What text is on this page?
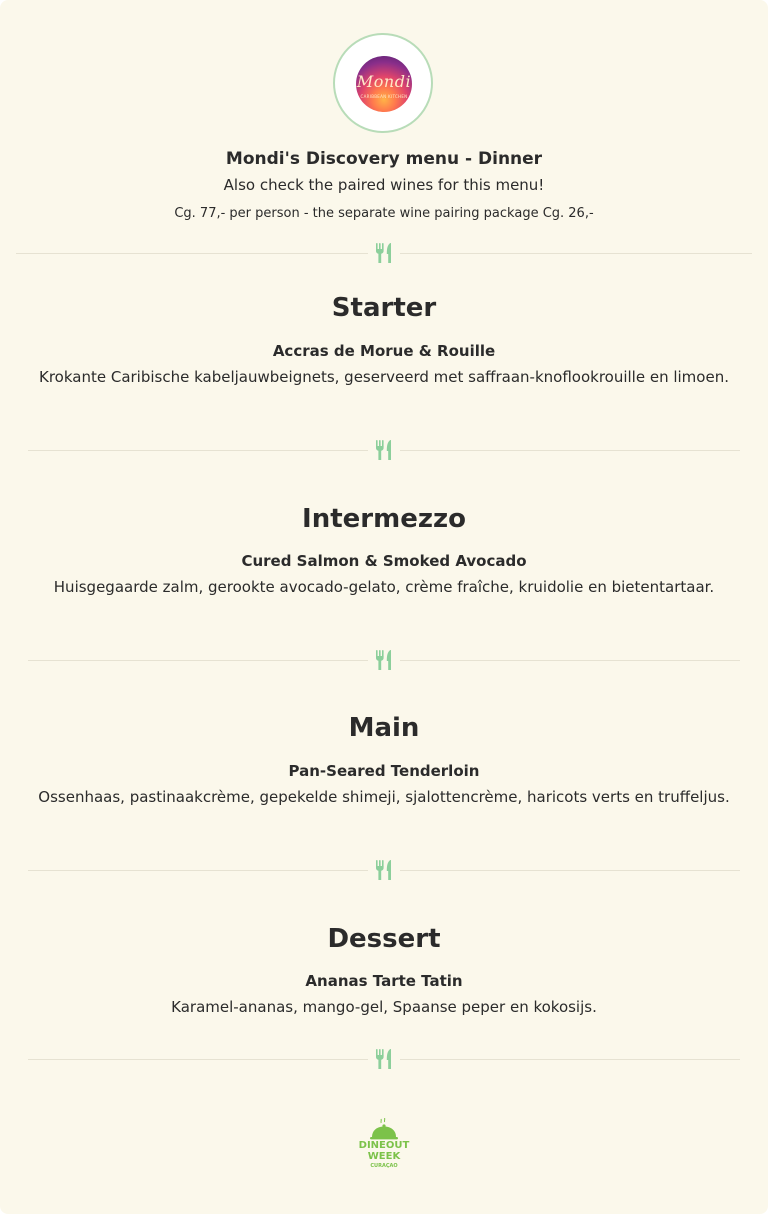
Mondi
CARIBBEAN KITCHEN
Mondi's Discovery menu - Dinner
Also check the paired wines for this menu!
Cg. 77,- per person - the separate wine pairing package Cg. 26,-
Starter
Accras de Morue & Rouille
Krokante Caribische kabeljauwbeignets, geserveerd met saffraan-knoflookrouille en limoen.
Intermezzo
Cured Salmon & Smoked Avocado
Huisgegaarde zalm, gerookte avocado-gelato, crème fraîche, kruidolie en bietentartaar.
Main
Pan-Seared Tenderloin
Ossenhaas, pastinaakcrème, gepekelde shimeji, sjalottencrème, haricots verts en truffeljus.
Dessert
Ananas Tarte Tatin
Karamel-ananas, mango-gel, Spaanse peper en kokosijs.
DINEOUT
WEEK
CURAÇAO
